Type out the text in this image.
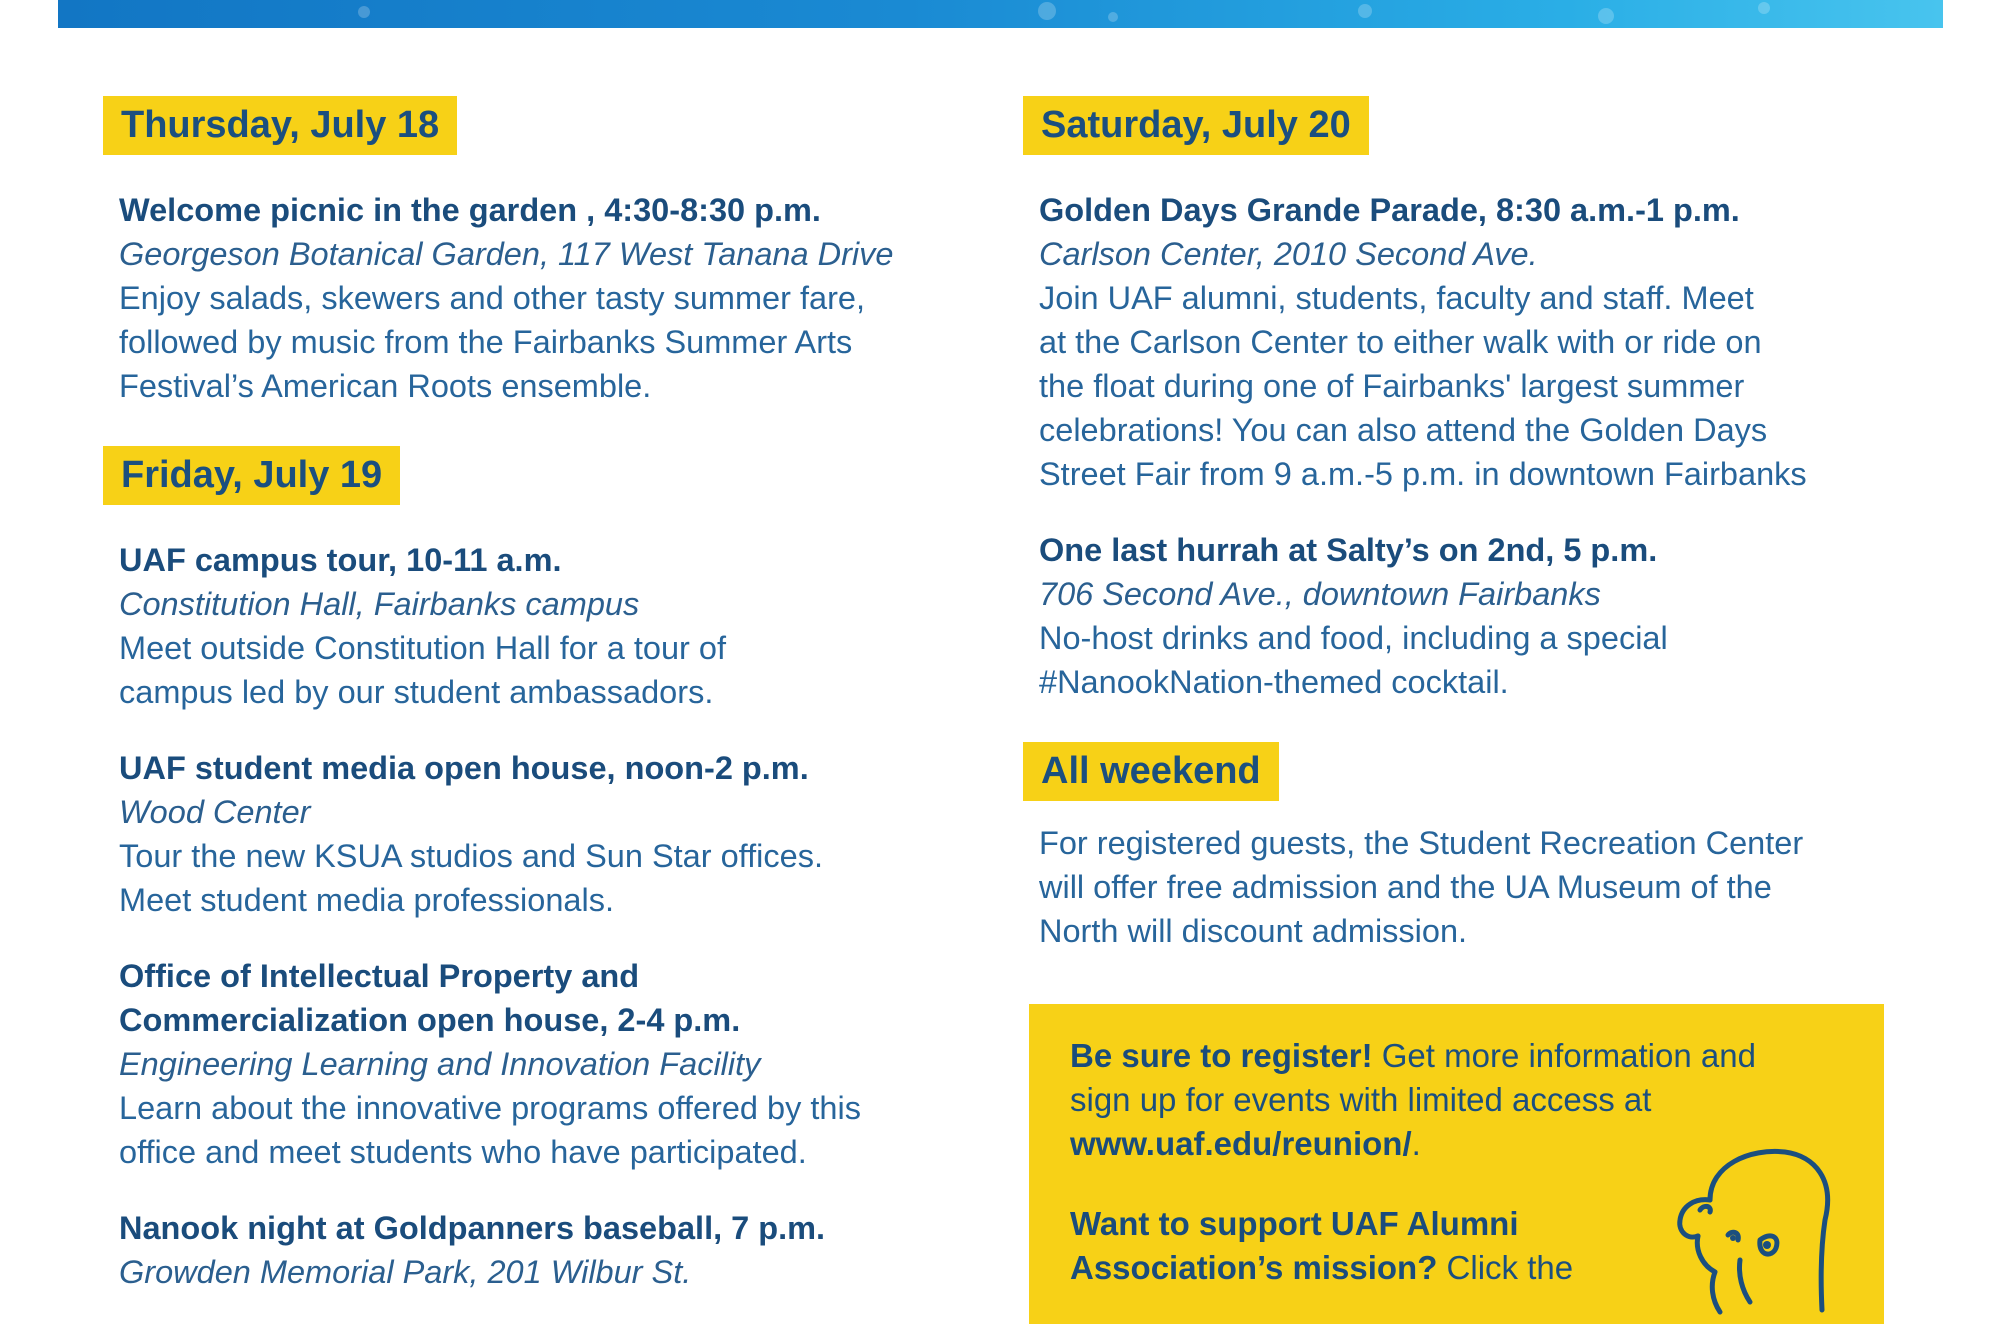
Thursday, July 18
Welcome picnic in the garden , 4:30-8:30 p.m.
Georgeson Botanical Garden, 117 West Tanana Drive
Enjoy salads, skewers and other tasty summer fare,
followed by music from the Fairbanks Summer Arts
Festival’s American Roots ensemble.
Friday, July 19
UAF campus tour, 10-11 a.m.
Constitution Hall, Fairbanks campus
Meet outside Constitution Hall for a tour of
campus led by our student ambassadors.
UAF student media open house, noon-2 p.m.
Wood Center
Tour the new KSUA studios and Sun Star offices.
Meet student media professionals.
Office of Intellectual Property and
Commercialization open house, 2-4 p.m.
Engineering Learning and Innovation Facility
Learn about the innovative programs offered by this
office and meet students who have participated.
Nanook night at Goldpanners baseball, 7 p.m.
Growden Memorial Park, 201 Wilbur St.
Saturday, July 20
Golden Days Grande Parade, 8:30 a.m.-1 p.m.
Carlson Center, 2010 Second Ave.
Join UAF alumni, students, faculty and staff. Meet
at the Carlson Center to either walk with or ride on
the float during one of Fairbanks' largest summer
celebrations! You can also attend the Golden Days
Street Fair from 9 a.m.-5 p.m. in downtown Fairbanks
One last hurrah at Salty’s on 2nd, 5 p.m.
706 Second Ave., downtown Fairbanks
No-host drinks and food, including a special
#NanookNation-themed cocktail.
All weekend
For registered guests, the Student Recreation Center
will offer free admission and the UA Museum of the
North will discount admission.

Be sure to register! Get more information and

sign up for events with limited access at

www.uaf.edu/reunion/.

Want to support UAF Alumni

Association’s mission? Click the
